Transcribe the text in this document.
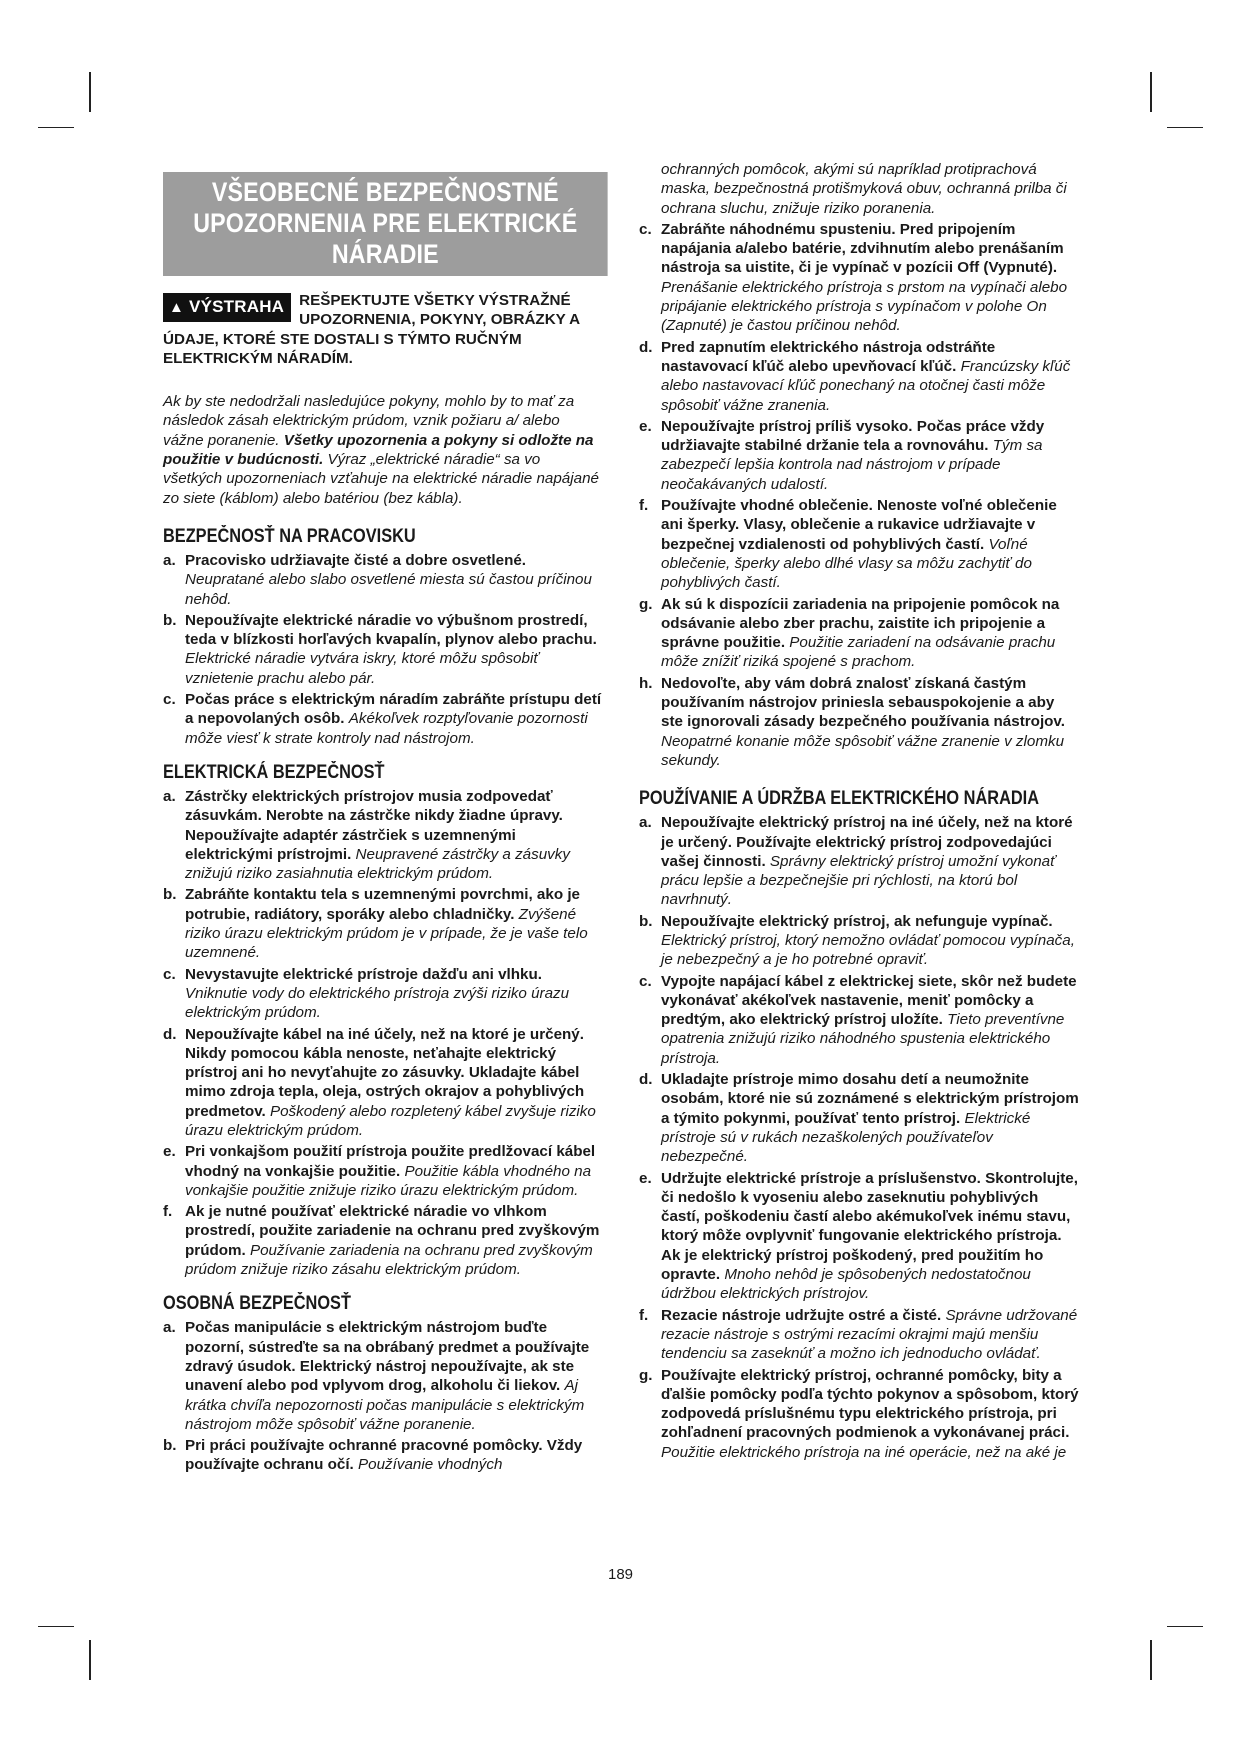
VŠEOBECNÉ BEZPEČNOSTNÉ
UPOZORNENIA PRE ELEKTRICKÉ
NÁRADIE
▲ VÝSTRAHA REŠPEKTUJTE VŠETKY VÝSTRAŽNÉ UPOZORNENIA, POKYNY, OBRÁZKY A ÚDAJE, KTORÉ STE DOSTALI S TÝMTO RUČNÝM ELEKTRICKÝM NÁRADÍM.
Ak by ste nedodržali nasledujúce pokyny, mohlo by to mať za následok zásah elektrickým prúdom, vznik požiaru a/ alebo vážne poranenie. Všetky upozornenia a pokyny si odložte na použitie v budúcnosti. Výraz „elektrické náradie“ sa vo všetkých upozorneniach vzťahuje na elektrické náradie napájané zo siete (káblom) alebo batériou (bez kábla).
BEZPEČNOSŤ NA PRACOVISKU
a. Pracovisko udržiavajte čisté a dobre osvetlené. Neupratané alebo slabo osvetlené miesta sú častou príčinou nehôd.
b. Nepoužívajte elektrické náradie vo výbušnom prostredí, teda v blízkosti horľavých kvapalín, plynov alebo prachu. Elektrické náradie vytvára iskry, ktoré môžu spôsobiť vznietenie prachu alebo pár.
c. Počas práce s elektrickým náradím zabráňte prístupu detí a nepovolaných osôb. Akékoľvek rozptyľovanie pozornosti môže viesť k strate kontroly nad nástrojom.
ELEKTRICKÁ BEZPEČNOSŤ
a. Zástrčky elektrických prístrojov musia zodpovedať zásuvkám. Nerobte na zástrčke nikdy žiadne úpravy. Nepoužívajte adaptér zástrčiek s uzemnenými elektrickými prístrojmi. Neupravené zástrčky a zásuvky znižujú riziko zasiahnutia elektrickým prúdom.
b. Zabráňte kontaktu tela s uzemnenými povrchmi, ako je potrubie, radiátory, sporáky alebo chladničky. Zvýšené riziko úrazu elektrickým prúdom je v prípade, že je vaše telo uzemnené.
c. Nevystavujte elektrické prístroje dažďu ani vlhku. Vniknutie vody do elektrického prístroja zvýši riziko úrazu elektrickým prúdom.
d. Nepoužívajte kábel na iné účely, než na ktoré je určený. Nikdy pomocou kábla nenoste, neťahajte elektrický prístroj ani ho nevyťahujte zo zásuvky. Ukladajte kábel mimo zdroja tepla, oleja, ostrých okrajov a pohyblivých predmetov. Poškodený alebo rozpletený kábel zvyšuje riziko úrazu elektrickým prúdom.
e. Pri vonkajšom použití prístroja použite predlžovací kábel vhodný na vonkajšie použitie. Použitie kábla vhodného na vonkajšie použitie znižuje riziko úrazu elektrickým prúdom.
f. Ak je nutné používať elektrické náradie vo vlhkom prostredí, použite zariadenie na ochranu pred zvyškovým prúdom. Používanie zariadenia na ochranu pred zvyškovým prúdom znižuje riziko zásahu elektrickým prúdom.
OSOBNÁ BEZPEČNOSŤ
a. Počas manipulácie s elektrickým nástrojom buďte pozorní, sústreďte sa na obrábaný predmet a používajte zdravý úsudok. Elektrický nástroj nepoužívajte, ak ste unavení alebo pod vplyvom drog, alkoholu či liekov. Aj krátka chvíľa nepozornosti počas manipulácie s elektrickým nástrojom môže spôsobiť vážne poranenie.
b. Pri práci používajte ochranné pracovné pomôcky. Vždy používajte ochranu očí. Používanie vhodných
ochranných pomôcok, akými sú napríklad protiprachová maska, bezpečnostná protišmyková obuv, ochranná prilba či ochrana sluchu, znižuje riziko poranenia.
c. Zabráňte náhodnému spusteniu. Pred pripojením napájania a/alebo batérie, zdvihnutím alebo prenášaním nástroja sa uistite, či je vypínač v pozícii Off (Vypnuté). Prenášanie elektrického prístroja s prstom na vypínači alebo pripájanie elektrického prístroja s vypínačom v polohe On (Zapnuté) je častou príčinou nehôd.
d. Pred zapnutím elektrického nástroja odstráňte nastavovací kľúč alebo upevňovací kľúč. Francúzsky kľúč alebo nastavovací kľúč ponechaný na otočnej časti môže spôsobiť vážne zranenia.
e. Nepoužívajte prístroj príliš vysoko. Počas práce vždy udržiavajte stabilné držanie tela a rovnováhu. Tým sa zabezpečí lepšia kontrola nad nástrojom v prípade neočakávaných udalostí.
f. Používajte vhodné oblečenie. Nenoste voľné oblečenie ani šperky. Vlasy, oblečenie a rukavice udržiavajte v bezpečnej vzdialenosti od pohyblivých častí. Voľné oblečenie, šperky alebo dlhé vlasy sa môžu zachytiť do pohyblivých častí.
g. Ak sú k dispozícii zariadenia na pripojenie pomôcok na odsávanie alebo zber prachu, zaistite ich pripojenie a správne použitie. Použitie zariadení na odsávanie prachu môže znížiť riziká spojené s prachom.
h. Nedovoľte, aby vám dobrá znalosť získaná častým používaním nástrojov priniesla sebauspokojenie a aby ste ignorovali zásady bezpečného používania nástrojov. Neopatrné konanie môže spôsobiť vážne zranenie v zlomku sekundy.
POUŽÍVANIE A ÚDRŽBA ELEKTRICKÉHO NÁRADIA
a. Nepoužívajte elektrický prístroj na iné účely, než na ktoré je určený. Používajte elektrický prístroj zodpovedajúci vašej činnosti. Správny elektrický prístroj umožní vykonať prácu lepšie a bezpečnejšie pri rýchlosti, na ktorú bol navrhnutý.
b. Nepoužívajte elektrický prístroj, ak nefunguje vypínač. Elektrický prístroj, ktorý nemožno ovládať pomocou vypínača, je nebezpečný a je ho potrebné opraviť.
c. Vypojte napájací kábel z elektrickej siete, skôr než budete vykonávať akékoľvek nastavenie, meniť pomôcky a predtým, ako elektrický prístroj uložíte. Tieto preventívne opatrenia znižujú riziko náhodného spustenia elektrického prístroja.
d. Ukladajte prístroje mimo dosahu detí a neumožnite osobám, ktoré nie sú zoznámené s elektrickým prístrojom a týmito pokynmi, používať tento prístroj. Elektrické prístroje sú v rukách nezaškolených používateľov nebezpečné.
e. Udržujte elektrické prístroje a príslušenstvo. Skontrolujte, či nedošlo k vyoseniu alebo zaseknutiu pohyblivých častí, poškodeniu častí alebo akémukoľvek inému stavu, ktorý môže ovplyvniť fungovanie elektrického prístroja. Ak je elektrický prístroj poškodený, pred použitím ho opravte. Mnoho nehôd je spôsobených nedostatočnou údržbou elektrických prístrojov.
f. Rezacie nástroje udržujte ostré a čisté. Správne udržované rezacie nástroje s ostrými rezacími okrajmi majú menšiu tendenciu sa zaseknúť a možno ich jednoducho ovládať.
g. Používajte elektrický prístroj, ochranné pomôcky, bity a ďalšie pomôcky podľa týchto pokynov a spôsobom, ktorý zodpovedá príslušnému typu elektrického prístroja, pri zohľadnení pracovných podmienok a vykonávanej práci. Použitie elektrického prístroja na iné operácie, než na aké je
189
